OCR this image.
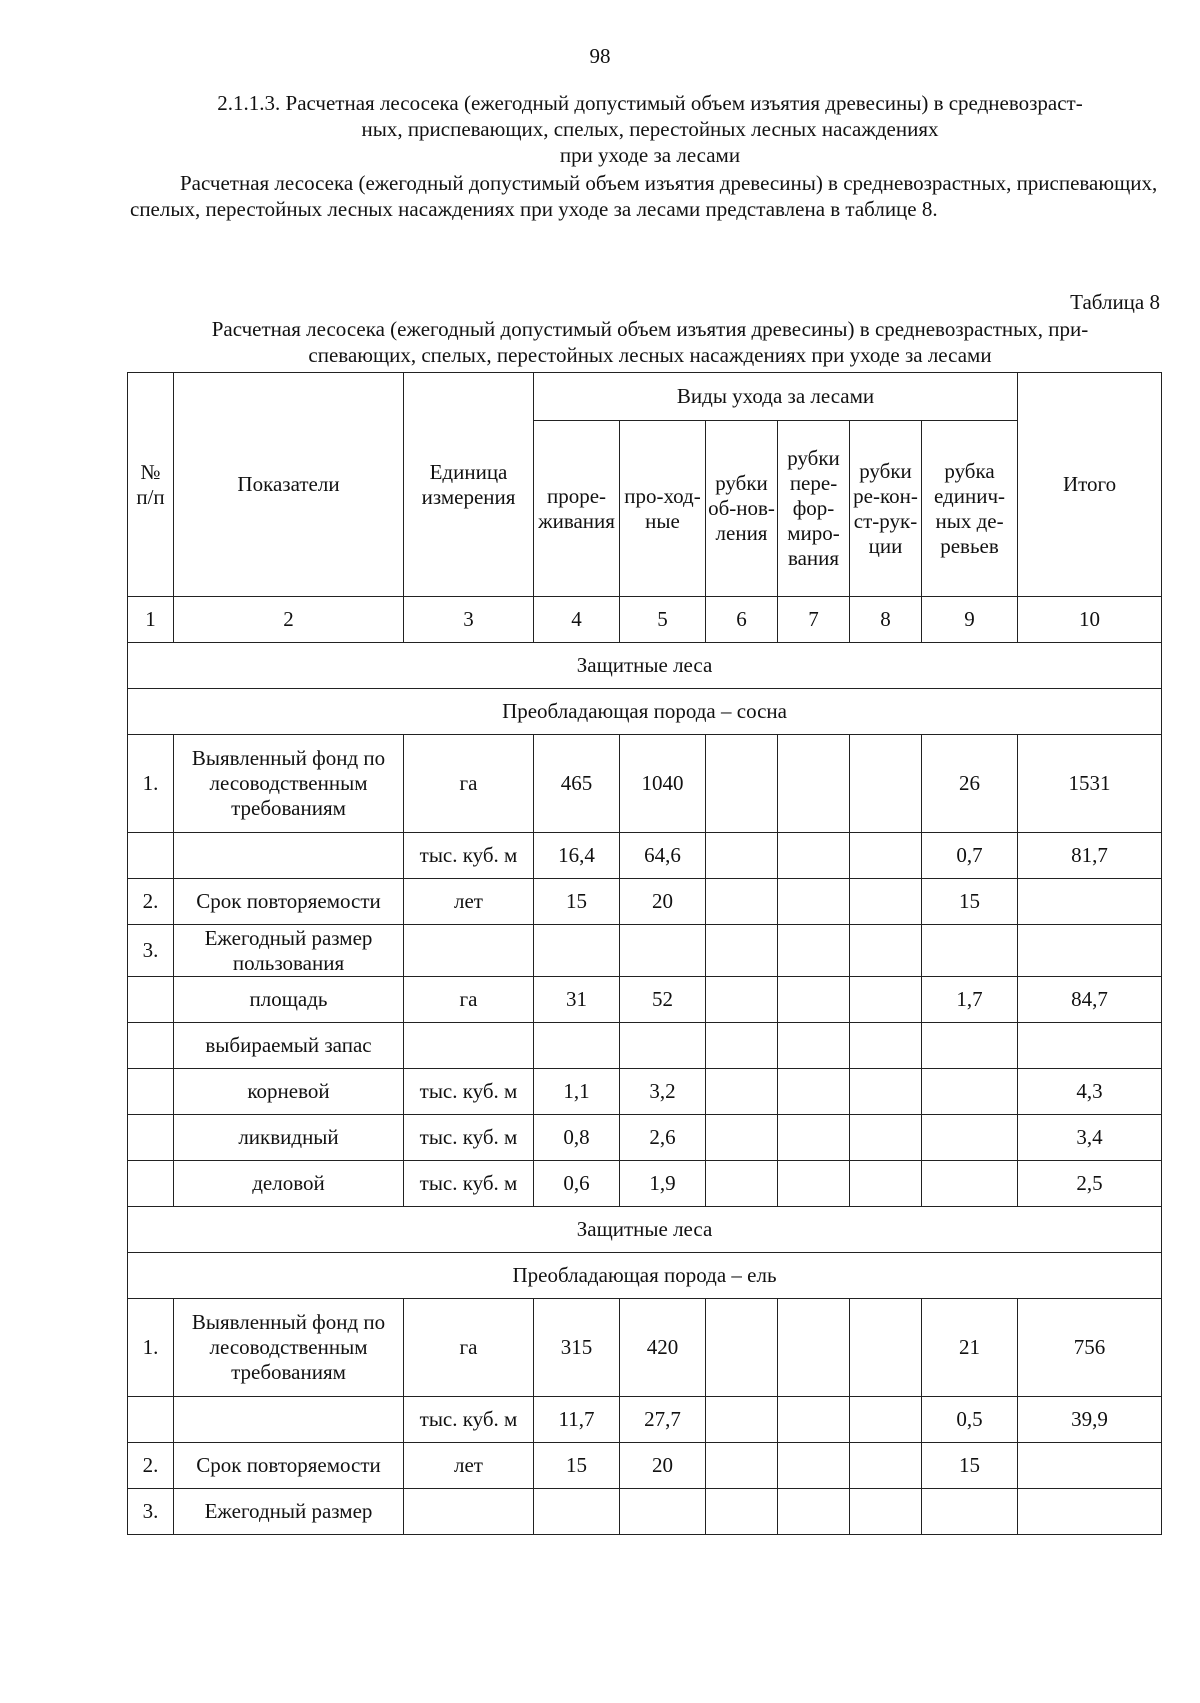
98
2.1.1.3. Расчетная лесосека (ежегодный допустимый объем изъятия древесины) в средневозраст-
ных, приспевающих, спелых, перестойных лесных насаждениях
при уходе за лесами
Расчетная лесосека (ежегодный допустимый объем изъятия древесины) в средневозрастных, приспевающих, спелых, перестойных лесных насаждениях при уходе за лесами представлена в таблице 8.
Таблица 8
Расчетная лесосека (ежегодный допустимый объем изъятия древесины) в средневозрастных, при-
спевающих, спелых, перестойных лесных насаждениях при уходе за лесами
№ п/п	Показатели	Единица измерения	Виды ухода за лесами						Итого
			проре-живания	про-ход-ные	рубки об-нов-ления	рубки пере-фор-миро-вания	рубки ре-кон-ст-рук-ции	рубка единич-ных де-ревьев	
1	2	3	4	5	6	7	8	9	10
Защитные леса									
Преобладающая порода – сосна									
1.	Выявленный фонд по лесоводственным требованиям	га	465	1040				26	1531
		тыс. куб. м	16,4	64,6				0,7	81,7
2.	Срок повторяемости	лет	15	20				15	
3.	Ежегодный размер пользования								
	площадь	га	31	52				1,7	84,7
	выбираемый запас								
	корневой	тыс. куб. м	1,1	3,2					4,3
	ликвидный	тыс. куб. м	0,8	2,6					3,4
	деловой	тыс. куб. м	0,6	1,9					2,5
Защитные леса									
Преобладающая порода – ель									
1.	Выявленный фонд по лесоводственным требованиям	га	315	420				21	756
		тыс. куб. м	11,7	27,7				0,5	39,9
2.	Срок повторяемости	лет	15	20				15	
3.	Ежегодный размер								
